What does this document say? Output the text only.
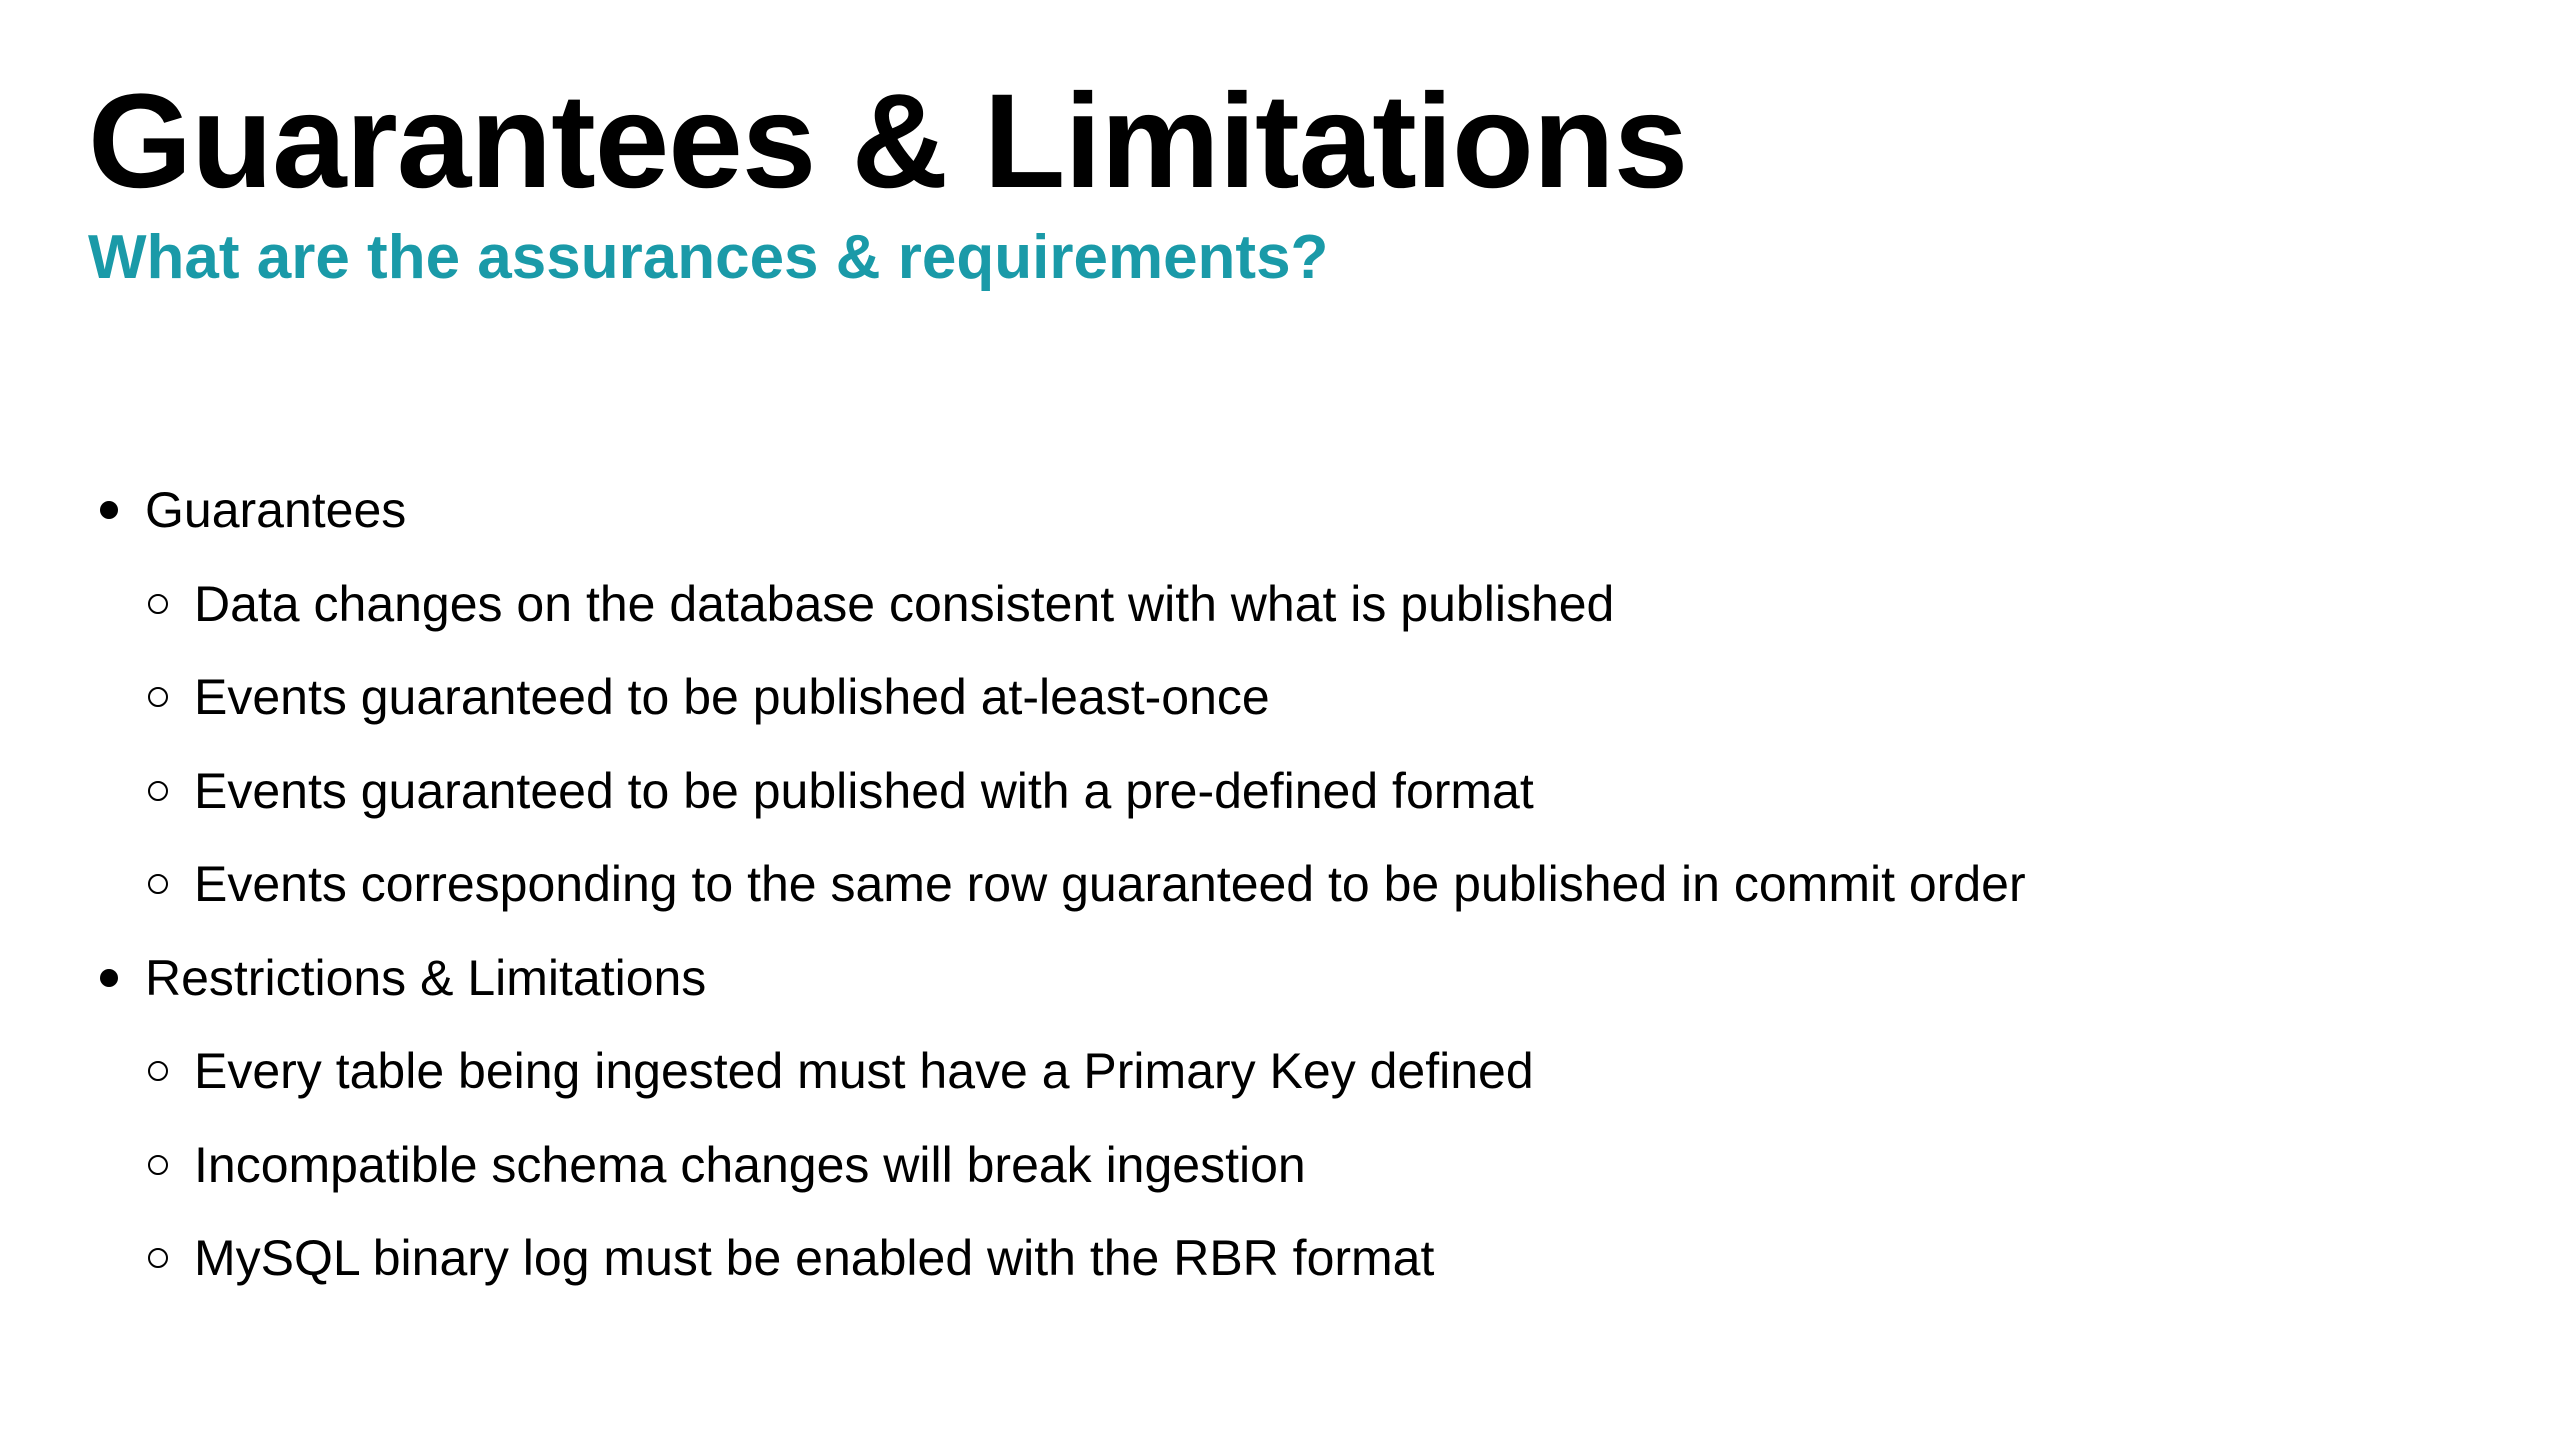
Guarantees & Limitations
What are the assurances & requirements?
Guarantees
Data changes on the database consistent with what is published
Events guaranteed to be published at-least-once
Events guaranteed to be published with a pre-defined format
Events corresponding to the same row guaranteed to be published in commit order
Restrictions & Limitations
Every table being ingested must have a Primary Key defined
Incompatible schema changes will break ingestion
MySQL binary log must be enabled with the RBR format
